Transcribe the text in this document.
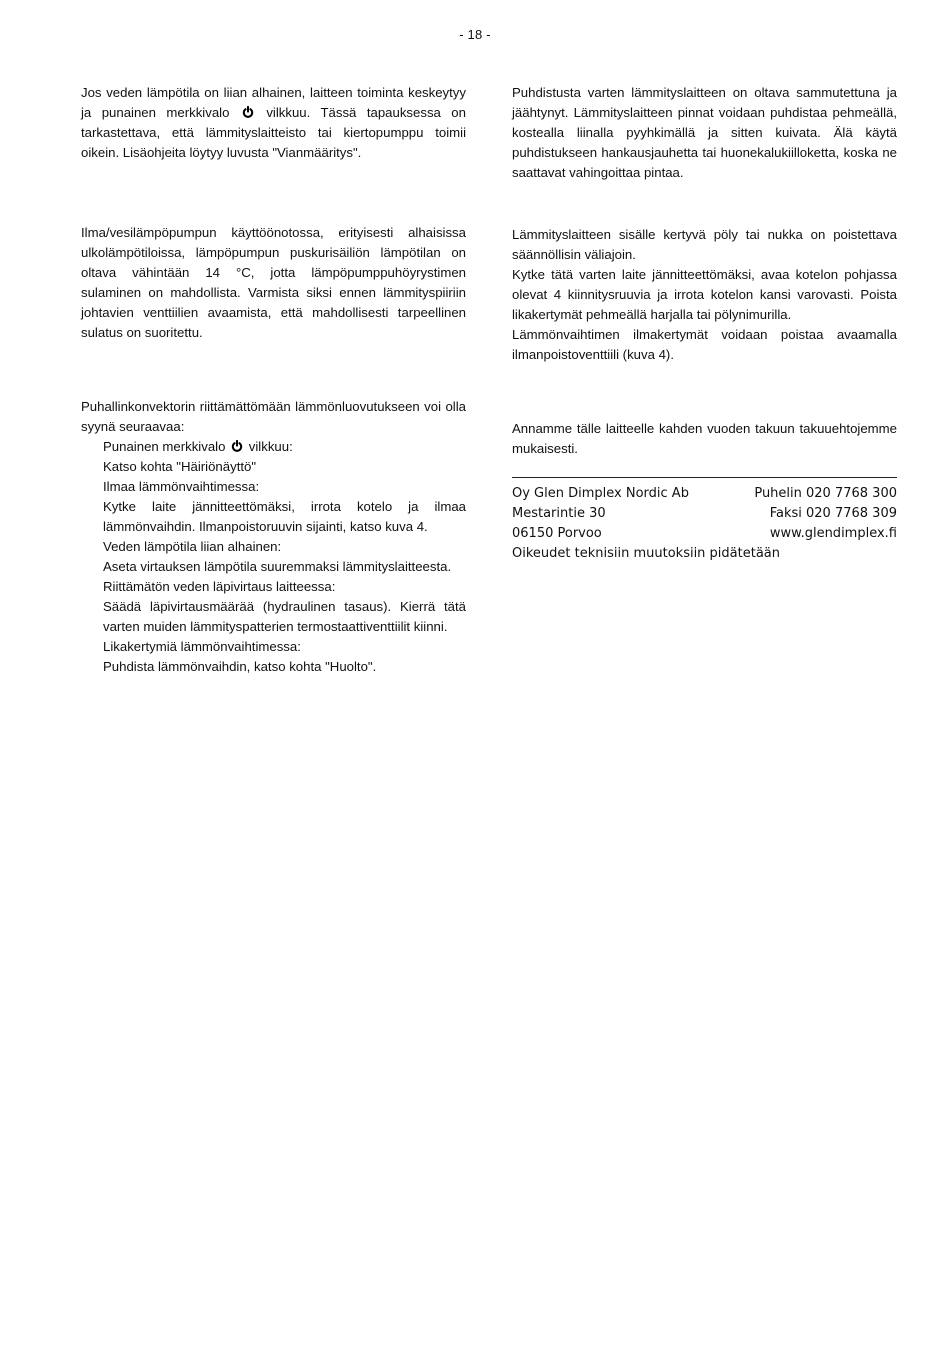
- 18 -

Jos veden lämpötila on liian alhainen, laitteen toiminta keskeytyy ja punainen merkkivalo	vilkkuu. Tässä tapauksessa on tarkastettava, että lämmityslaitteisto tai kiertopumppu toimii oikein. Lisäohjeita löytyy luvusta "Vianmääritys".

Ilma/vesilämpöpumpun käyttöönotossa, erityisesti alhaisissa ulkolämpötiloissa, lämpöpumpun puskurisäiliön lämpötilan on oltava vähintään 14 °C, jotta lämpöpumppuhöyrystimen sulaminen on mahdollista. Varmista siksi ennen lämmityspiiriin johtavien venttiilien avaamista, että mahdollisesti tarpeellinen sulatus on suoritettu.

Puhallinkonvektorin riittämättömään lämmönluovutukseen voi olla syynä seuraavaa:

Punainen merkkivalo vilkkuu:

Katso kohta "Häiriönäyttö"

Ilmaa lämmönvaihtimessa:

Kytke laite jännitteettömäksi, irrota kotelo ja ilmaa lämmönvaihdin. Ilmanpoistoruuvin sijainti, katso kuva 4.

Veden lämpötila liian alhainen:

Aseta virtauksen lämpötila suuremmaksi lämmityslaitteesta.

Riittämätön veden läpivirtaus laitteessa:

Säädä läpivirtausmäärää (hydraulinen tasaus). Kierrä tätä varten muiden lämmityspatterien termostaattiventtiilit kiinni.

Likakertymiä lämmönvaihtimessa:

Puhdista lämmönvaihdin, katso kohta "Huolto".

Puhdistusta varten lämmityslaitteen on oltava sammutettuna ja jäähtynyt. Lämmityslaitteen pinnat voidaan puhdistaa pehmeällä, kostealla liinalla pyyhkimällä ja sitten kuivata. Älä käytä puhdistukseen hankausjauhetta tai huonekalukiilloketta, koska ne saattavat vahingoittaa pintaa.

Lämmityslaitteen sisälle kertyvä pöly tai nukka on poistettava säännöllisin väliajoin.

Kytke tätä varten laite jännitteettömäksi, avaa kotelon pohjassa olevat 4 kiinnitysruuvia ja irrota kotelon kansi varovasti. Poista likakertymät pehmeällä harjalla tai pölynimurilla.

Lämmönvaihtimen ilmakertymät voidaan poistaa avaamalla ilmanpoistoventtiili (kuva 4).

Annamme tälle laitteelle kahden vuoden takuun takuuehtojemme mukaisesti.

Oy Glen Dimplex Nordic Ab	Puhelin 020 7768 300
Mestarintie 30	Faksi 020 7768 309
06150 Porvoo	www.glendimplex.fi
Oikeudet teknisiin muutoksiin pidätetään
